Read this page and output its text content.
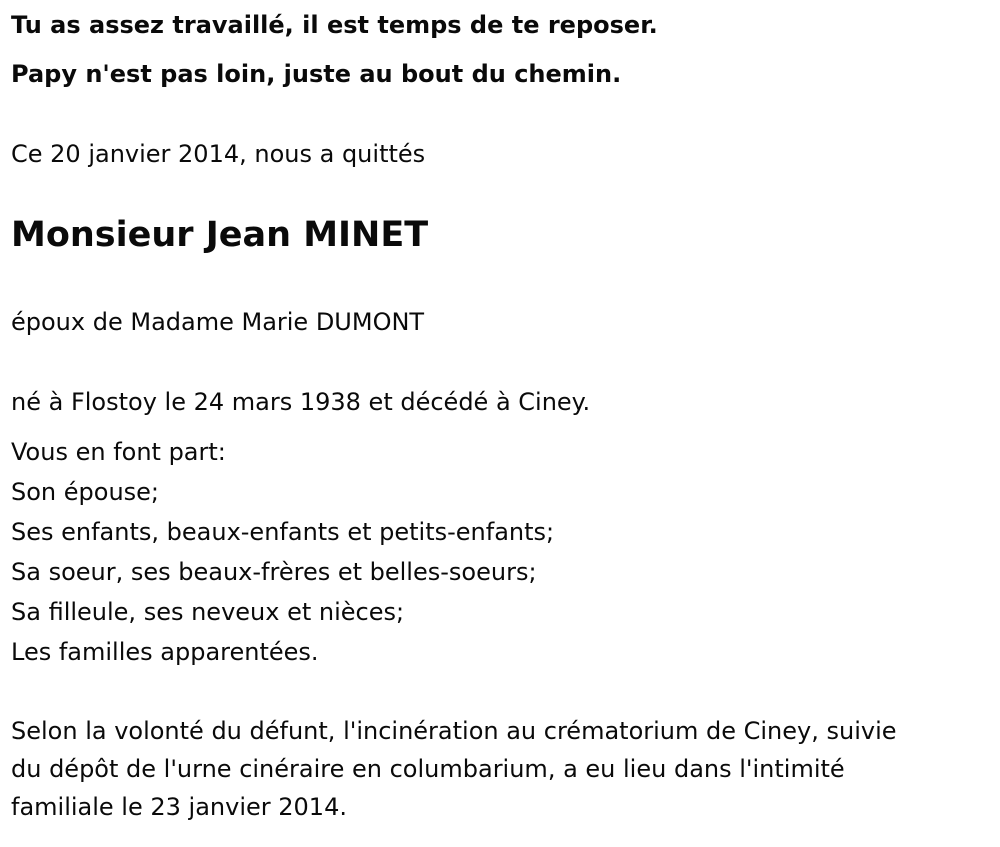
Tu as assez travaillé, il est temps de te reposer.
Papy n'est pas loin, juste au bout du chemin.
Ce 20 janvier 2014, nous a quittés
Monsieur Jean MINET
époux de Madame Marie DUMONT
né à Flostoy le 24 mars 1938 et décédé à Ciney.
Vous en font part:
Son épouse;
Ses enfants, beaux-enfants et petits-enfants;
Sa soeur, ses beaux-frères et belles-soeurs;
Sa filleule, ses neveux et nièces;
Les familles apparentées.
Selon la volonté du défunt, l'incinération au crématorium de Ciney, suivie
du dépôt de l'urne cinéraire en columbarium, a eu lieu dans l'intimité
familiale le 23 janvier 2014.
